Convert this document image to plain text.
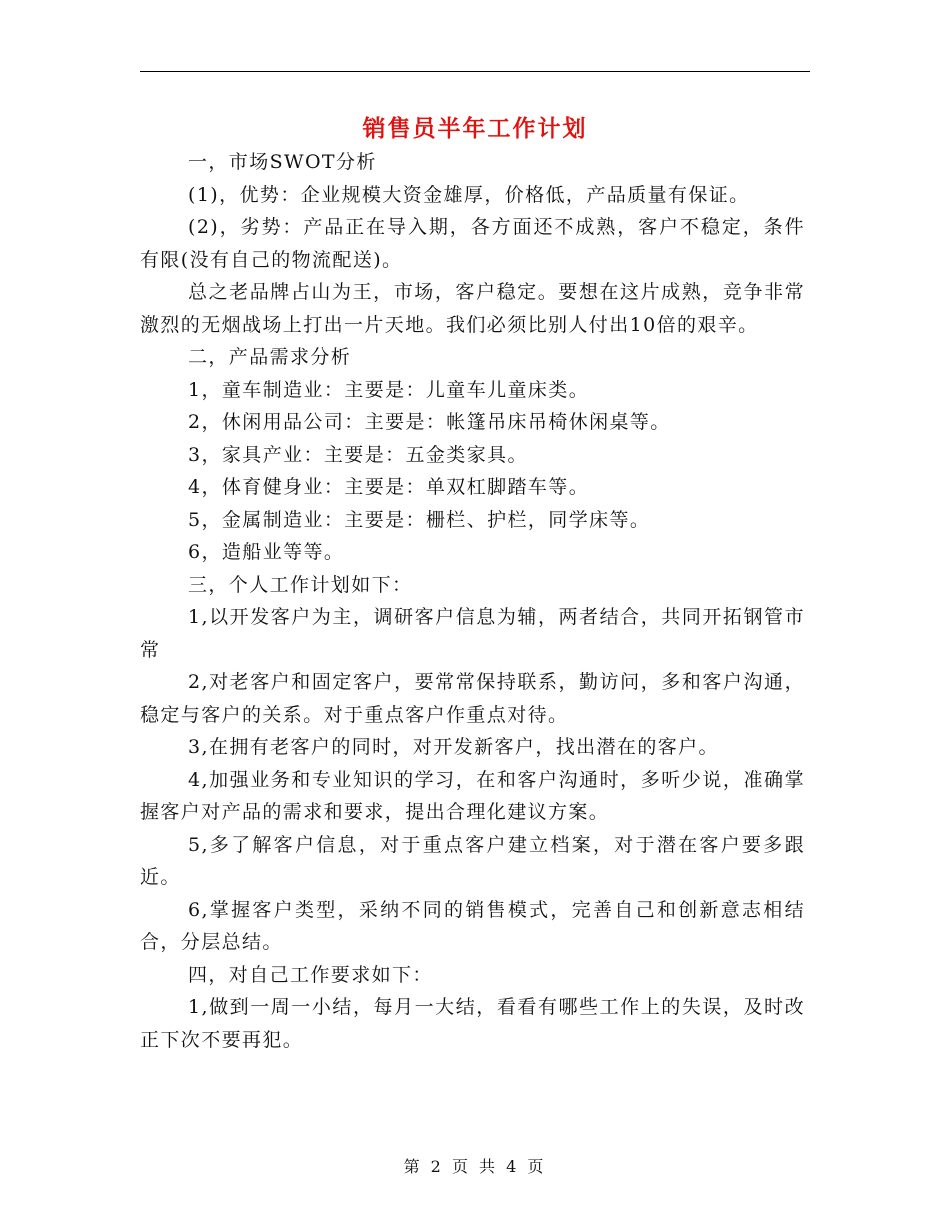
销售员半年工作计划

一，市场SWOT分析

(1)，优势：企业规模大资金雄厚，价格低，产品质量有保证。

(2)，劣势：产品正在导入期，各方面还不成熟，客户不稳定，条件有限(没有自己的物流配送)。

总之老品牌占山为王，市场，客户稳定。要想在这片成熟，竞争非常激烈的无烟战场上打出一片天地。我们必须比别人付出10倍的艰辛。

二，产品需求分析

1，童车制造业：主要是：儿童车儿童床类。

2，休闲用品公司：主要是：帐篷吊床吊椅休闲桌等。

3，家具产业：主要是：五金类家具。

4，体育健身业：主要是：单双杠脚踏车等。

5，金属制造业：主要是：栅栏、护栏，同学床等。

6，造船业等等。

三，个人工作计划如下：

1,以开发客户为主，调研客户信息为辅，两者结合，共同开拓钢管市常

2,对老客户和固定客户，要常常保持联系，勤访问，多和客户沟通，稳定与客户的关系。对于重点客户作重点对待。

3,在拥有老客户的同时，对开发新客户，找出潜在的客户。

4,加强业务和专业知识的学习，在和客户沟通时，多听少说，准确掌握客户对产品的需求和要求，提出合理化建议方案。

5,多了解客户信息，对于重点客户建立档案，对于潜在客户要多跟近。

6,掌握客户类型，采纳不同的销售模式，完善自己和创新意志相结合，分层总结。

四，对自己工作要求如下：

1,做到一周一小结，每月一大结，看看有哪些工作上的失误，及时改正下次不要再犯。

第 2 页 共 4 页
